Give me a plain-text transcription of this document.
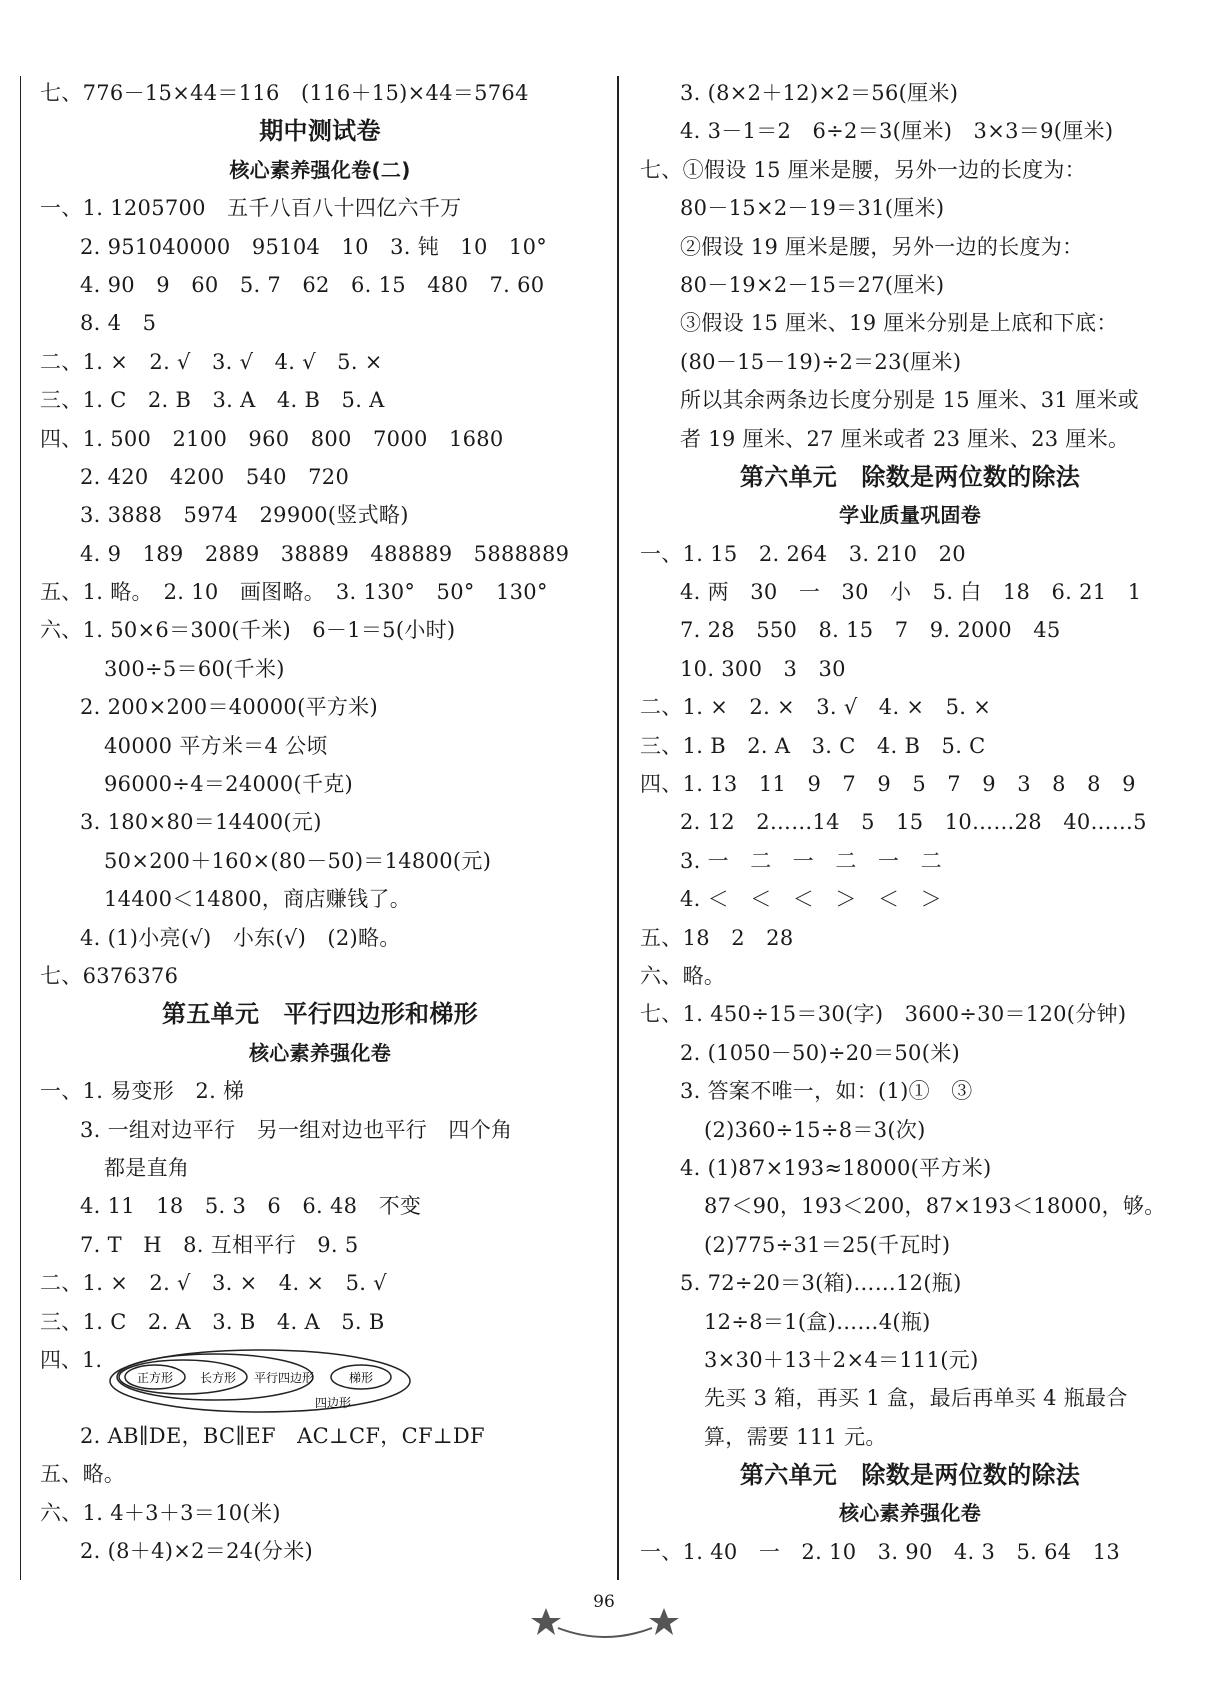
七、776－15×44＝116　(116＋15)×44＝5764
期中测试卷
核心素养强化卷(二)
一、1. 1205700　五千八百八十四亿六千万
2. 951040000　95104　10　3. 钝　10　10°
4. 90　9　60　5. 7　62　6. 15　480　7. 60
8. 4　5
二、1. ×　2. √　3. √　4. √　5. ×
三、1. C　2. B　3. A　4. B　5. A
四、1. 500　2100　960　800　7000　1680
2. 420　4200　540　720
3. 3888　5974　29900(竖式略)
4. 9　189　2889　38889　488889　5888889
五、1. 略。　2. 10　画图略。　3. 130°　50°　130°
六、1. 50×6＝300(千米)　6－1＝5(小时)
300÷5＝60(千米)
2. 200×200＝40000(平方米)
40000 平方米＝4 公顷
96000÷4＝24000(千克)
3. 180×80＝14400(元)
50×200＋160×(80－50)＝14800(元)
14400＜14800，商店赚钱了。
4. (1)小亮(√)　小东(√)　(2)略。
七、6376376
第五单元　平行四边形和梯形
核心素养强化卷
一、1. 易变形　2. 梯
3. 一组对边平行　另一组对边也平行　四个角
都是直角
4. 11　18　5. 3　6　6. 48　不变
7. T　H　8. 互相平行　9. 5
二、1. ×　2. √　3. ×　4. ×　5. √
三、1. C　2. A　3. B　4. A　5. B
四、1.
正方形 长方形 平行四边形	梯形
四边形
2. AB∥DE，BC∥EF　AC⊥CF，CF⊥DF
五、略。
六、1. 4＋3＋3＝10(米)
2. (8＋4)×2＝24(分米)
3. (8×2＋12)×2＝56(厘米)
4. 3－1＝2　6÷2＝3(厘米)　3×3＝9(厘米)
七、①假设 15 厘米是腰，另外一边的长度为：
80－15×2－19＝31(厘米)
②假设 19 厘米是腰，另外一边的长度为：
80－19×2－15＝27(厘米)
③假设 15 厘米、19 厘米分别是上底和下底：
(80－15－19)÷2＝23(厘米)
所以其余两条边长度分别是 15 厘米、31 厘米或
者 19 厘米、27 厘米或者 23 厘米、23 厘米。
第六单元　除数是两位数的除法
学业质量巩固卷
一、1. 15　2. 264　3. 210　20
4. 两　30　一　30　小　5. 白　18　6. 21　1
7. 28　550　8. 15　7　9. 2000　45
10. 300　3　30
二、1. ×　2. ×　3. √　4. ×　5. ×
三、1. B　2. A　3. C　4. B　5. C
四、1. 13　11　9　7　9　5　7　9　3　8　8　9
2. 12　2……14　5　15　10……28　40……5
3. 一　二　一　二　一　二
4. ＜　＜　＜　＞　＜　＞
五、18　2　28
六、略。
七、1. 450÷15＝30(字)　3600÷30＝120(分钟)
2. (1050－50)÷20＝50(米)
3. 答案不唯一，如：(1)①　③
(2)360÷15÷8＝3(次)
4. (1)87×193≈18000(平方米)
87＜90，193＜200，87×193＜18000，够。
(2)775÷31＝25(千瓦时)
5. 72÷20＝3(箱)……12(瓶)
12÷8＝1(盒)……4(瓶)
3×30＋13＋2×4＝111(元)
先买 3 箱，再买 1 盒，最后再单买 4 瓶最合
算，需要 111 元。
第六单元　除数是两位数的除法
核心素养强化卷
一、1. 40　一　2. 10　3. 90　4. 3　5. 64　13
96
